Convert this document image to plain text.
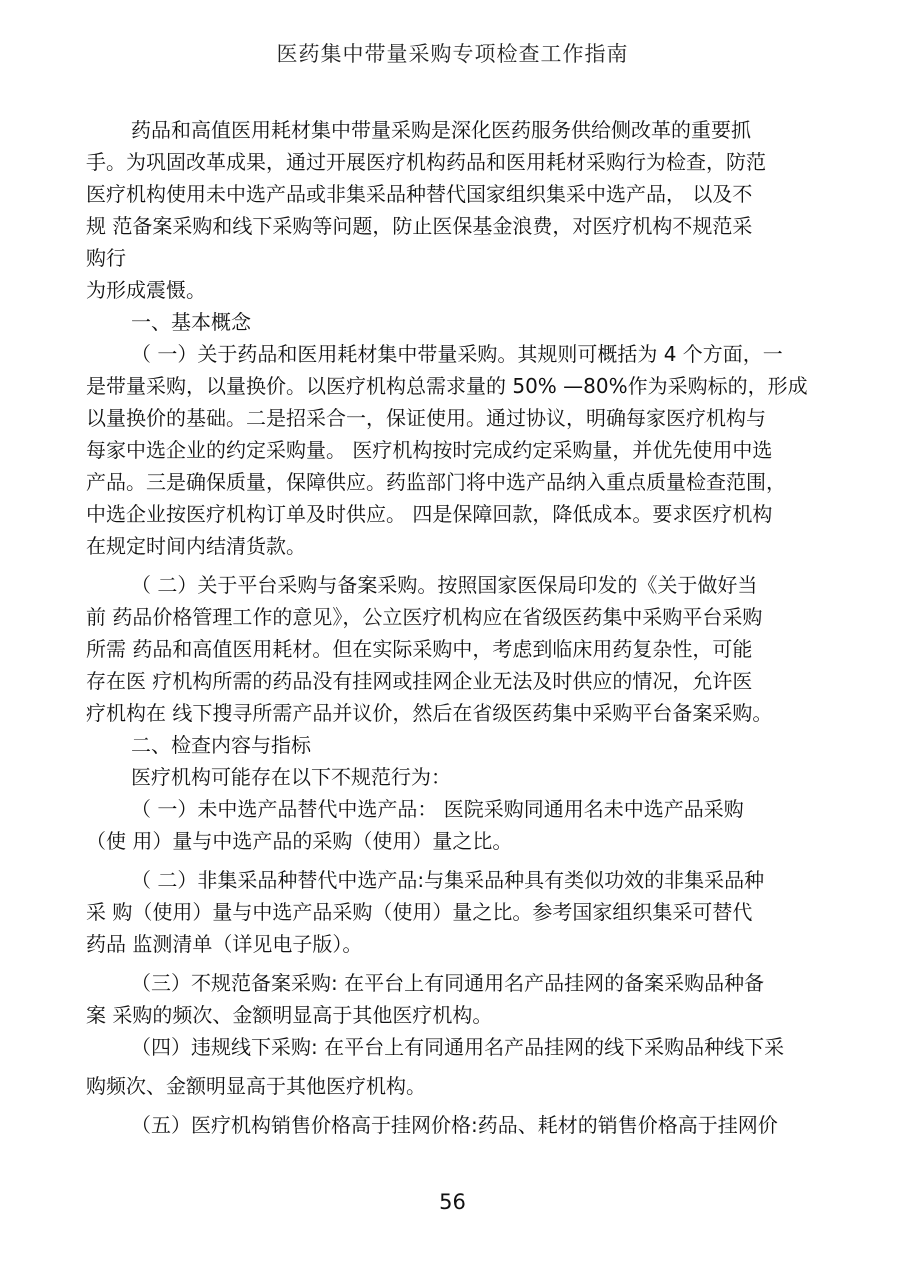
医药集中带量采购专项检查工作指南

药品和高值医用耗材集中带量采购是深化医药服务供给侧改革的重要抓

手。为巩固改革成果，通过开展医疗机构药品和医用耗材采购行为检查，防范

医疗机构使用未中选产品或非集采品种替代国家组织集采中选产品， 以及不

规 范备案采购和线下采购等问题，防止医保基金浪费，对医疗机构不规范采

购行

为形成震慑。

一、基本概念

（ 一）关于药品和医用耗材集中带量采购。其规则可概括为 4 个方面，一

是带量采购，以量换价。以医疗机构总需求量的 50% —80%作为采购标的，形成

以量换价的基础。二是招采合一，保证使用。通过协议，明确每家医疗机构与

每家中选企业的约定采购量。 医疗机构按时完成约定采购量，并优先使用中选

产品。三是确保质量，保障供应。药监部门将中选产品纳入重点质量检查范围，

中选企业按医疗机构订单及时供应。 四是保障回款，降低成本。要求医疗机构

在规定时间内结清货款。

（ 二）关于平台采购与备案采购。按照国家医保局印发的《关于做好当

前 药品价格管理工作的意见》，公立医疗机构应在省级医药集中采购平台采购

所需 药品和高值医用耗材。但在实际采购中，考虑到临床用药复杂性，可能

存在医 疗机构所需的药品没有挂网或挂网企业无法及时供应的情况，允许医

疗机构在 线下搜寻所需产品并议价，然后在省级医药集中采购平台备案采购。

二、检查内容与指标

医疗机构可能存在以下不规范行为：

（ 一）未中选产品替代中选产品： 医院采购同通用名未中选产品采购

（使 用）量与中选产品的采购（使用）量之比。

（ 二）非集采品种替代中选产品:与集采品种具有类似功效的非集采品种

采 购（使用）量与中选产品采购（使用）量之比。参考国家组织集采可替代

药品 监测清单（详见电子版）。

（三）不规范备案采购: 在平台上有同通用名产品挂网的备案采购品种备

案 采购的频次、金额明显高于其他医疗机构。

（四）违规线下采购: 在平台上有同通用名产品挂网的线下采购品种线下采

购频次、金额明显高于其他医疗机构。

（五）医疗机构销售价格高于挂网价格:药品、耗材的销售价格高于挂网价

56
